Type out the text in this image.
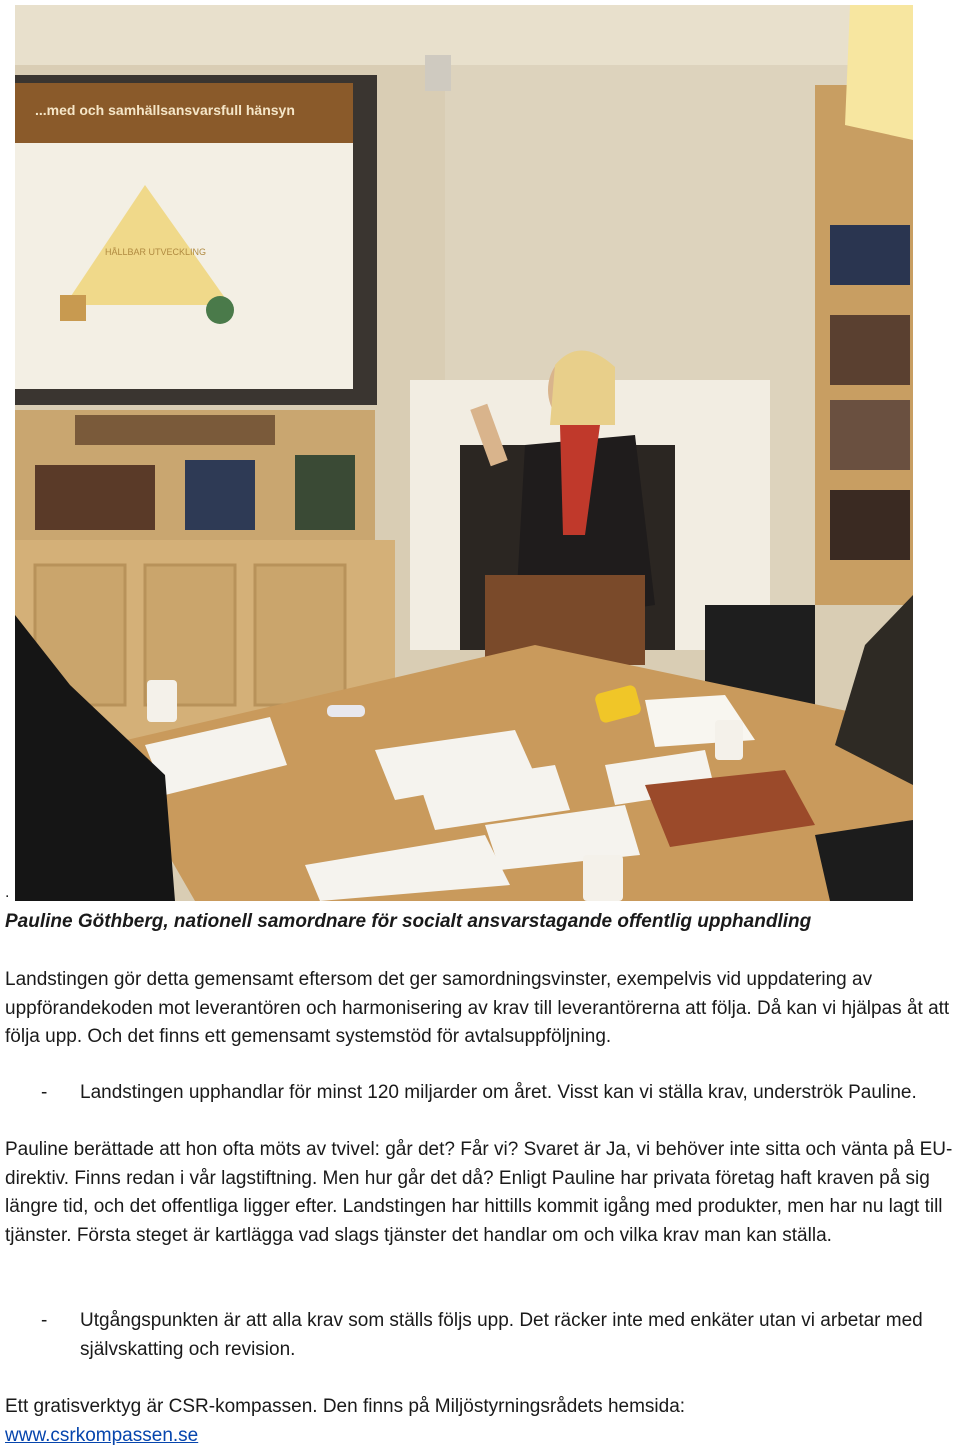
...med och samhällsansvarsfull hänsyn
HÅLLBAR UTVECKLING
.
Pauline Göthberg, nationell samordnare för socialt ansvarstagande offentlig upphandling
Landstingen gör detta gemensamt eftersom det ger samordningsvinster, exempelvis vid uppdatering av uppförandekoden mot leverantören och harmonisering av krav till leverantörerna att följa. Då kan vi hjälpas åt att följa upp. Och det finns ett gemensamt systemstöd för avtalsuppföljning.
- Landstingen upphandlar för minst 120 miljarder om året. Visst kan vi ställa krav, underströk Pauline.
Pauline berättade att hon ofta möts av tvivel: går det? Får vi? Svaret är Ja, vi behöver inte sitta och vänta på EU-direktiv. Finns redan i vår lagstiftning. Men hur går det då? Enligt Pauline har privata företag haft kraven på sig längre tid, och det offentliga ligger efter. Landstingen har hittills kommit igång med produkter, men har nu lagt till tjänster. Första steget är kartlägga vad slags tjänster det handlar om och vilka krav man kan ställa.
- Utgångspunkten är att alla krav som ställs följs upp. Det räcker inte med enkäter utan vi arbetar med självskatting och revision.
Ett gratisverktyg är CSR-kompassen. Den finns på Miljöstyrningsrådets hemsida:
www.csrkompassen.se
